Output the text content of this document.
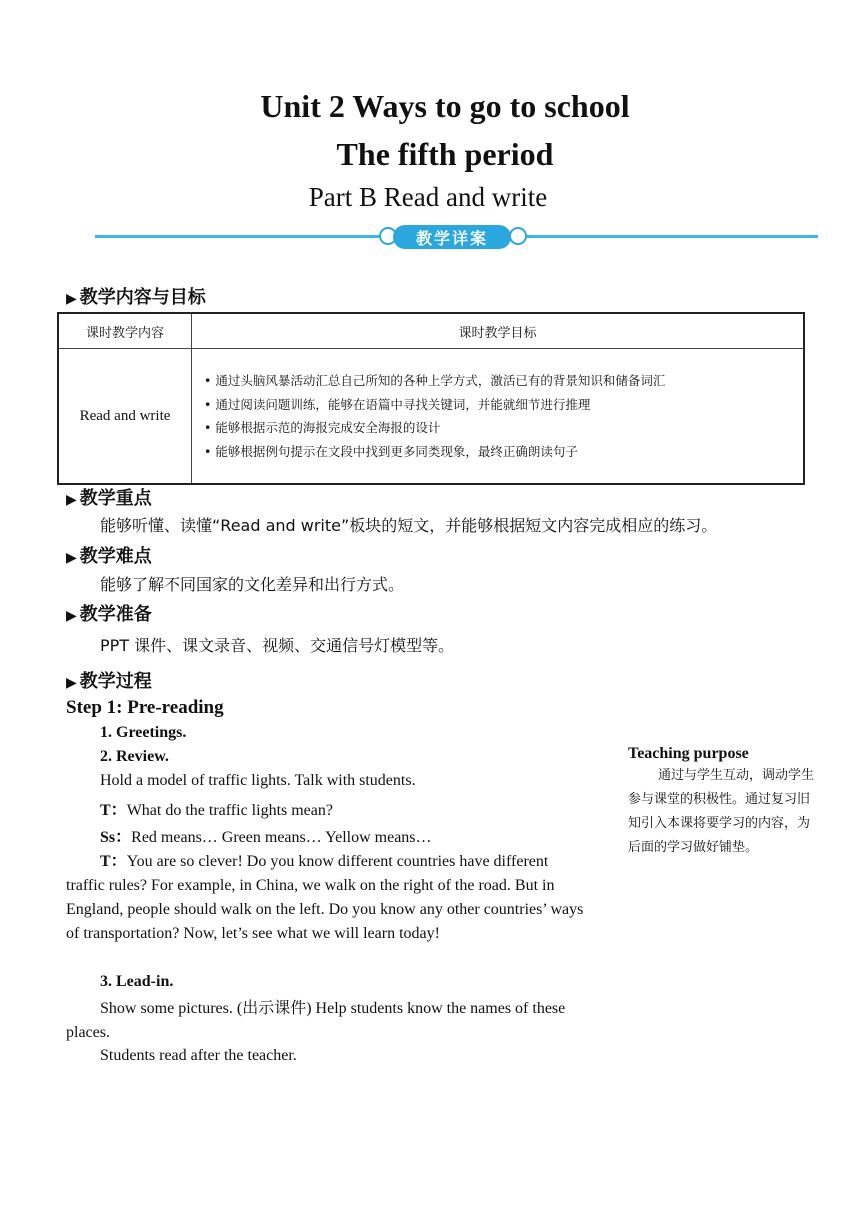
Unit 2 Ways to go to school
The fifth period
Part B Read and write
教学详案
▶ 教学内容与目标
课时教学内容	课时教学目标
Read and write	• 通过头脑风暴活动汇总自己所知的各种上学方式，激活已有的背景知识和储备词汇
• 通过阅读问题训练，能够在语篇中寻找关键词，并能就细节进行推理
• 能够根据示范的海报完成安全海报的设计
• 能够根据例句提示在文段中找到更多同类现象，最终正确朗读句子
▶ 教学重点
能够听懂、读懂“Read and write”板块的短文，并能够根据短文内容完成相应的练习。
▶ 教学难点
能够了解不同国家的文化差异和出行方式。
▶ 教学准备
PPT 课件、课文录音、视频、交通信号灯模型等。
▶ 教学过程
Step 1: Pre-reading
1. Greetings.
2. Review.
Hold a model of traffic lights. Talk with students.
T：What do the traffic lights mean?
Ss：Red means… Green means… Yellow means…
T：You are so clever! Do you know different countries have different traffic rules? For example, in China, we walk on the right of the road. But in England, people should walk on the left. Do you know any other countries’ ways of transportation? Now, let’s see what we will learn today!
3. Lead-in.
Show some pictures. (出示课件) Help students know the names of these places.
Students read after the teacher.
Teaching purpose
通过与学生互动，调动学生参与课堂的积极性。通过复习旧知引入本课将要学习的内容，为后面的学习做好铺垫。
